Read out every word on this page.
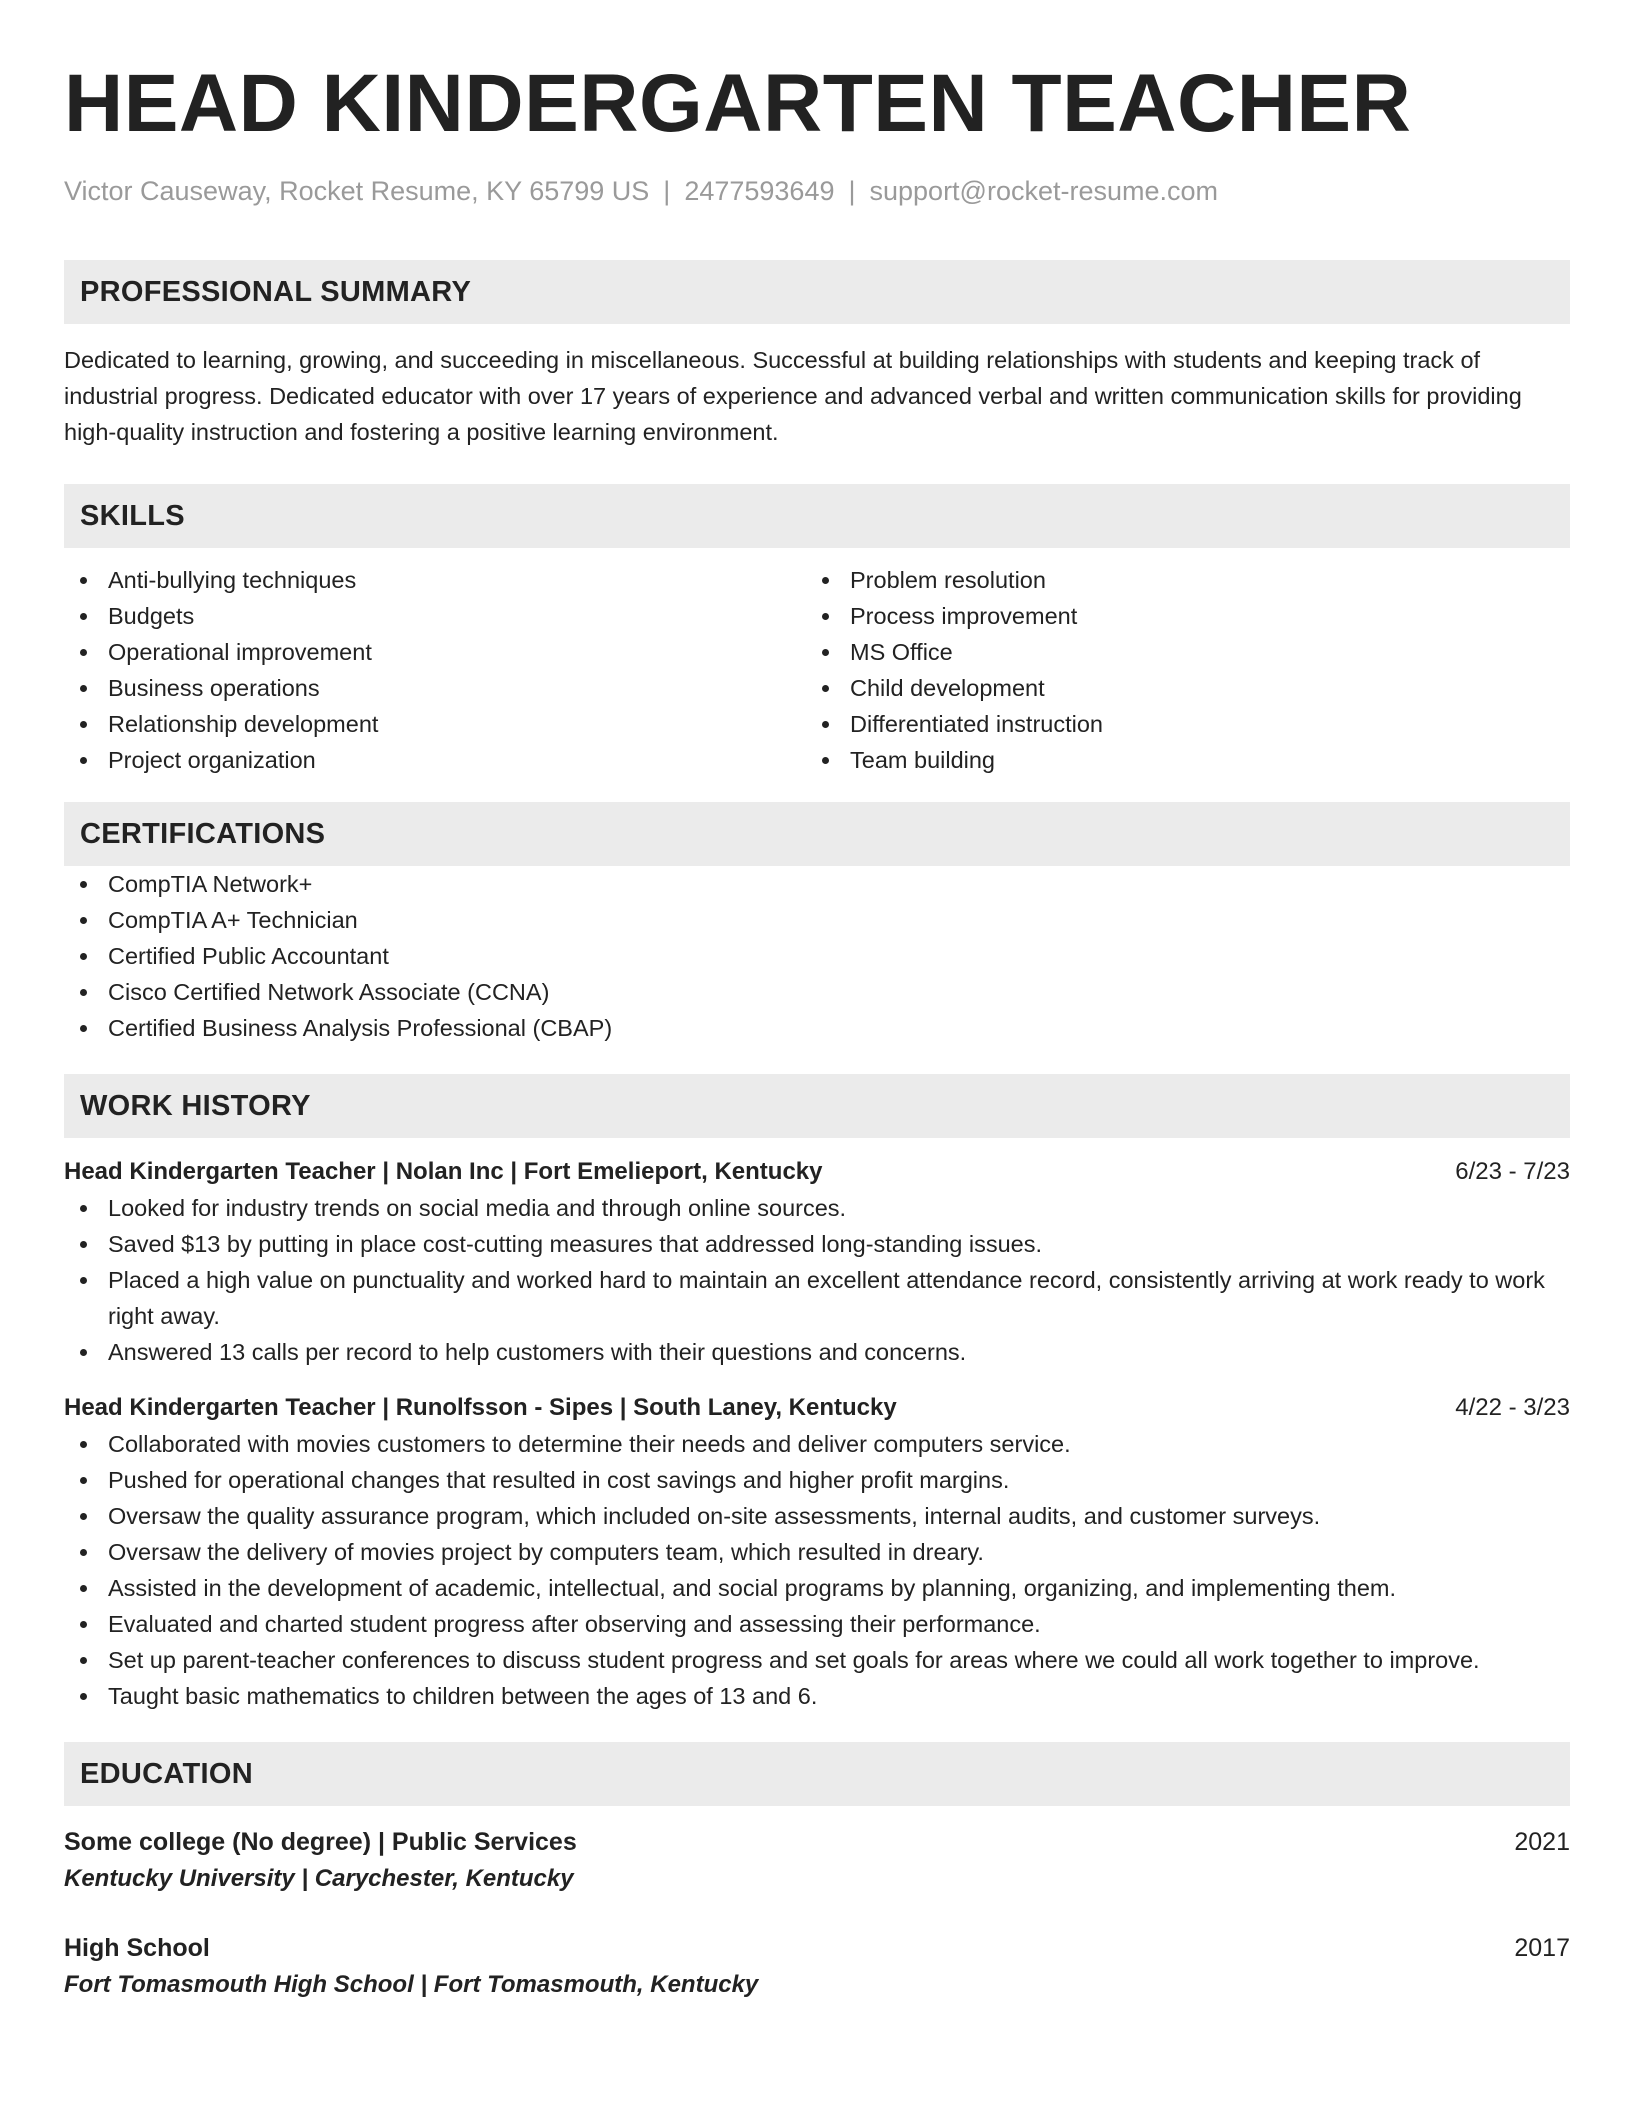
HEAD KINDERGARTEN TEACHER
Victor Causeway, Rocket Resume, KY 65799 US | 2477593649 | support@rocket-resume.com
PROFESSIONAL SUMMARY

Dedicated to learning, growing, and succeeding in miscellaneous. Successful at building relationships with students and keeping track of industrial progress. Dedicated educator with over 17 years of experience and advanced verbal and written communication skills for providing high-quality instruction and fostering a positive learning environment.

SKILLS
Anti-bullying techniques
Budgets
Operational improvement
Business operations
Relationship development
Project organization
Problem resolution
Process improvement
MS Office
Child development
Differentiated instruction
Team building
CERTIFICATIONS
CompTIA Network+
CompTIA A+ Technician
Certified Public Accountant
Cisco Certified Network Associate (CCNA)
Certified Business Analysis Professional (CBAP)
WORK HISTORY
Head Kindergarten Teacher | Nolan Inc | Fort Emelieport, Kentucky	6/23 - 7/23
Looked for industry trends on social media and through online sources.
Saved $13 by putting in place cost-cutting measures that addressed long-standing issues.
Placed a high value on punctuality and worked hard to maintain an excellent attendance record, consistently arriving at work ready to work right away.
Answered 13 calls per record to help customers with their questions and concerns.
Head Kindergarten Teacher | Runolfsson - Sipes | South Laney, Kentucky	4/22 - 3/23
Collaborated with movies customers to determine their needs and deliver computers service.
Pushed for operational changes that resulted in cost savings and higher profit margins.
Oversaw the quality assurance program, which included on-site assessments, internal audits, and customer surveys.
Oversaw the delivery of movies project by computers team, which resulted in dreary.
Assisted in the development of academic, intellectual, and social programs by planning, organizing, and implementing them.
Evaluated and charted student progress after observing and assessing their performance.
Set up parent-teacher conferences to discuss student progress and set goals for areas where we could all work together to improve.
Taught basic mathematics to children between the ages of 13 and 6.
EDUCATION
Some college (No degree) | Public Services	2021
Kentucky University | Carychester, Kentucky
High School	2017
Fort Tomasmouth High School | Fort Tomasmouth, Kentucky
